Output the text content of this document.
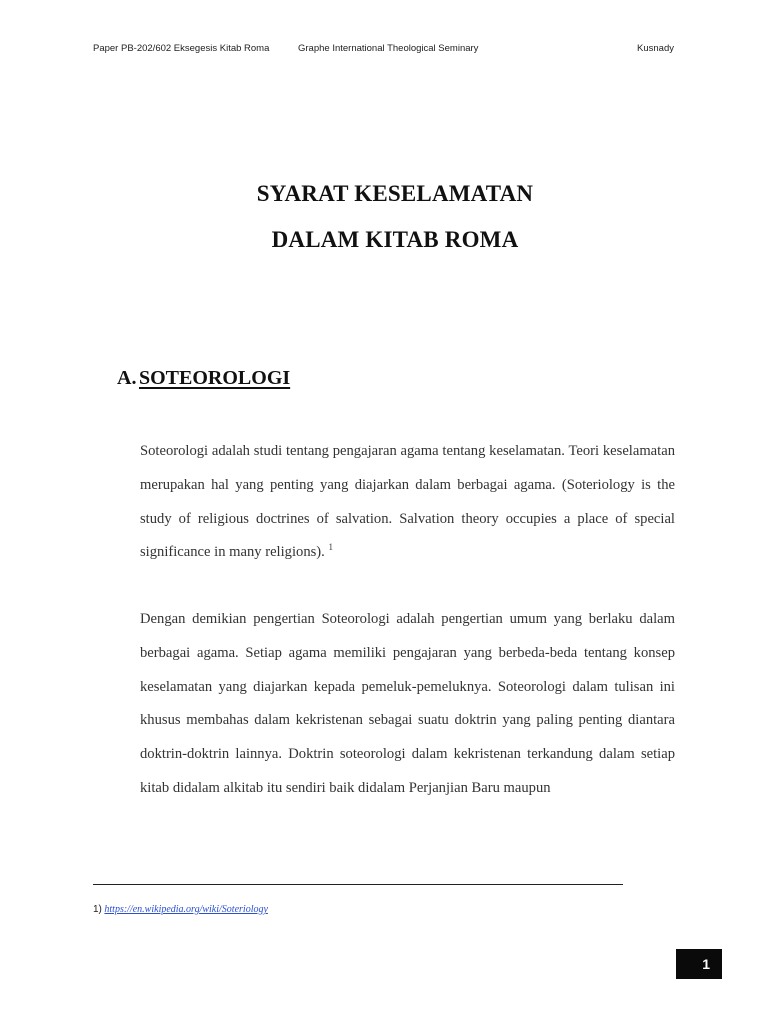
Paper PB-202/602 Eksegesis Kitab Roma	Graphe International Theological Seminary	Kusnady
SYARAT KESELAMATAN
DALAM KITAB ROMA
A. SOTEOROLOGI

Soteorologi adalah studi tentang pengajaran agama tentang keselamatan. Teori keselamatan merupakan hal yang penting yang diajarkan dalam berbagai agama. (Soteriology is the study of religious doctrines of salvation. Salvation theory occupies a place of special significance in many religions). $^1$

Dengan demikian pengertian Soteorologi adalah pengertian umum yang berlaku dalam berbagai agama. Setiap agama memiliki pengajaran yang berbeda-beda tentang konsep keselamatan yang diajarkan kepada pemeluk-pemeluknya. Soteorologi dalam tulisan ini khusus membahas dalam kekristenan sebagai suatu doktrin yang paling penting diantara doktrin-doktrin lainnya. Doktrin soteorologi dalam kekristenan terkandung dalam setiap kitab didalam alkitab itu sendiri baik didalam Perjanjian Baru maupun

1) https://en.wikipedia.org/wiki/Soteriology
1
